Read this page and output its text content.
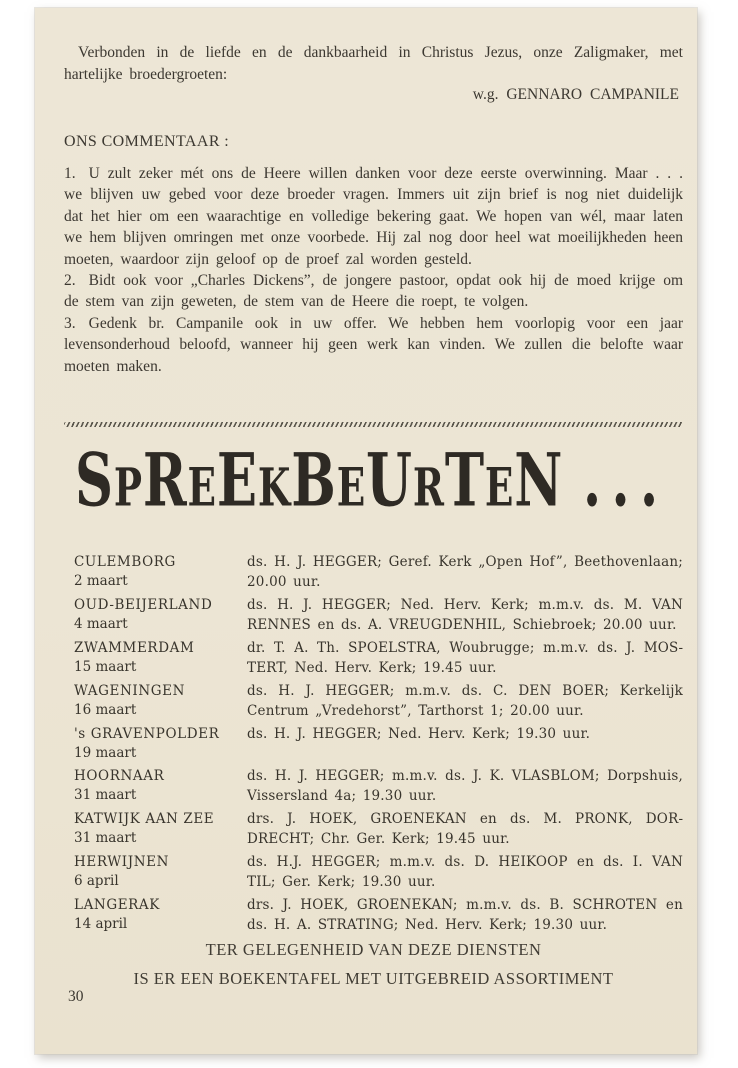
Verbonden in de liefde en de dankbaarheid in Christus Jezus, onze Zaligmaker, met hartelijke broedergroeten:

w.g. GENNARO CAMPANILE

ONS COMMENTAAR :

1. U zult zeker mét ons de Heere willen danken voor deze eerste overwinning. Maar . . . we blijven uw gebed voor deze broeder vragen. Immers uit zijn brief is nog niet duidelijk dat het hier om een waarachtige en volledige bekering gaat. We hopen van wél, maar laten we hem blijven omringen met onze voorbede. Hij zal nog door heel wat moeilijkheden heen moeten, waardoor zijn geloof op de proef zal worden gesteld.

2. Bidt ook voor „Charles Dickens”, de jongere pastoor, opdat ook hij de moed krijge om de stem van zijn geweten, de stem van de Heere die roept, te volgen.

3. Gedenk br. Campanile ook in uw offer. We hebben hem voorlopig voor een jaar levensonderhoud beloofd, wanneer hij geen werk kan vinden. We zullen die belofte waar moeten maken.

SPREEKBEURTEN . . .
CULEMBORG
2 maart
ds. H. J. HEGGER; Geref. Kerk „Open Hof”, Beethovenlaan; 20.00 uur.
OUD-BEIJERLAND
4 maart
ds. H. J. HEGGER; Ned. Herv. Kerk; m.m.v. ds. M. VAN RENNES en ds. A. VREUGDENHIL, Schiebroek; 20.00 uur.
ZWAMMERDAM
15 maart
dr. T. A. Th. SPOELSTRA, Woubrugge; m.m.v. ds. J. MOSTERT, Ned. Herv. Kerk; 19.45 uur.
WAGENINGEN
16 maart
ds. H. J. HEGGER; m.m.v. ds. C. DEN BOER; Kerkelijk Centrum „Vredehorst”, Tarthorst 1; 20.00 uur.
's GRAVENPOLDER
19 maart
ds. H. J. HEGGER; Ned. Herv. Kerk; 19.30 uur.
HOORNAAR
31 maart
ds. H. J. HEGGER; m.m.v. ds. J. K. VLASBLOM; Dorpshuis, Vissersland 4a; 19.30 uur.
KATWIJK AAN ZEE
31 maart
drs. J. HOEK, GROENEKAN en ds. M. PRONK, DORDRECHT; Chr. Ger. Kerk; 19.45 uur.
HERWIJNEN
6 april
ds. H.J. HEGGER; m.m.v. ds. D. HEIKOOP en ds. I. VAN TIL; Ger. Kerk; 19.30 uur.
LANGERAK
14 april
drs. J. HOEK, GROENEKAN; m.m.v. ds. B. SCHROTEN en ds. H. A. STRATING; Ned. Herv. Kerk; 19.30 uur.
TER GELEGENHEID VAN DEZE DIENSTEN
IS ER EEN BOEKENTAFEL MET UITGEBREID ASSORTIMENT
30
